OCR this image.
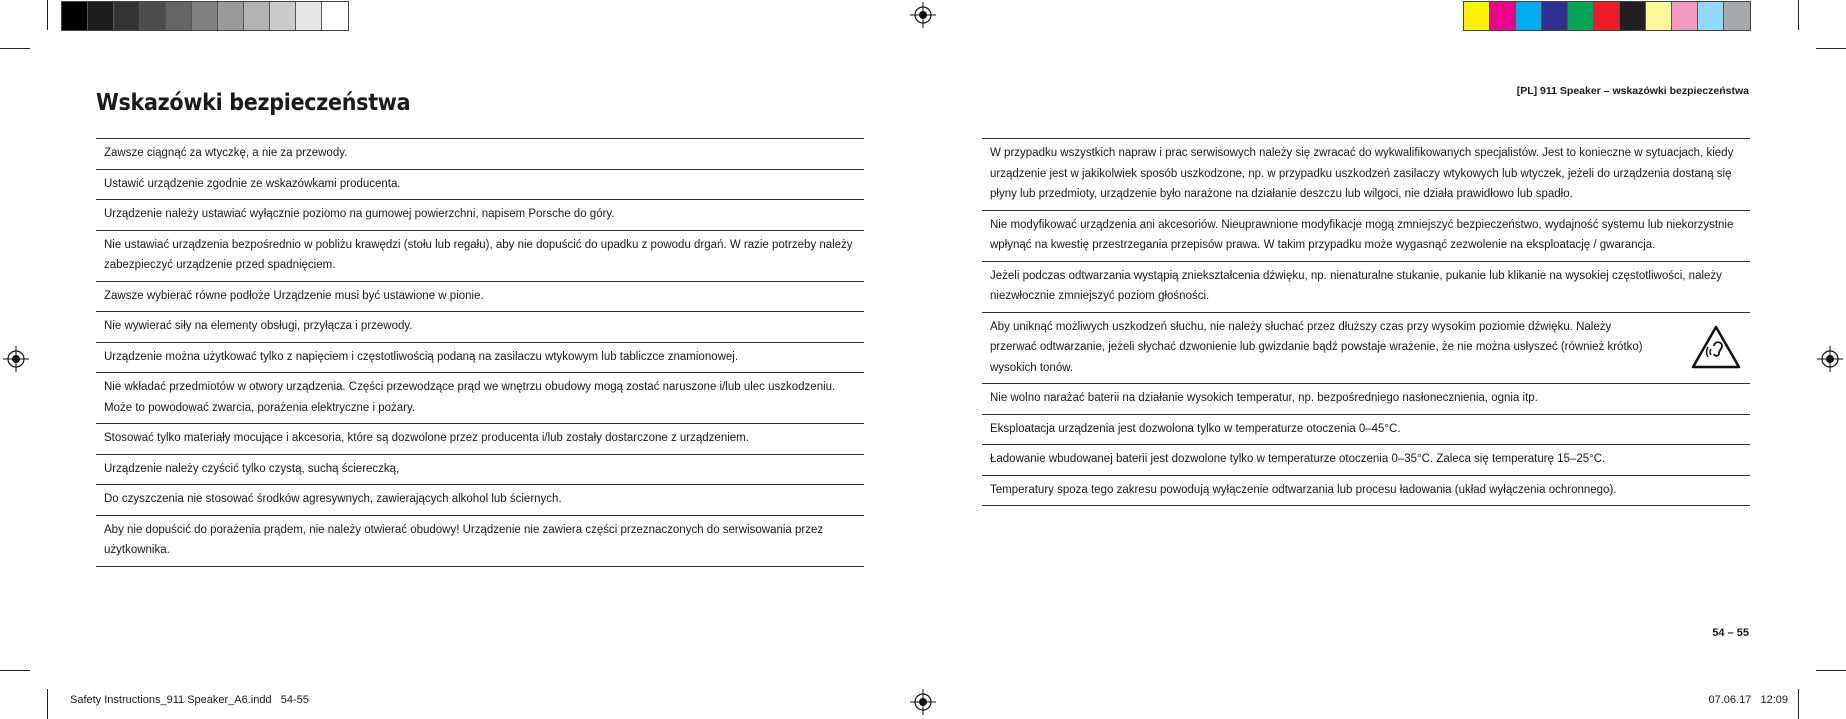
Wskazówki bezpieczeństwa	[PL] 911 Speaker – wskazówki bezpieczeństwa
Zawsze ciągnąć za wtyczkę, a nie za przewody.
Ustawić urządzenie zgodnie ze wskazówkami producenta.
Urządzenie należy ustawiać wyłącznie poziomo na gumowej powierzchni, napisem Porsche do góry.
Nie ustawiać urządzenia bezpośrednio w pobliżu krawędzi (stołu lub regału), aby nie dopuścić do upadku z powodu drgań. W razie potrzeby należy zabezpieczyć urządzenie przed spadnięciem.
Zawsze wybierać równe podłoże Urządzenie musi być ustawione w pionie.
Nie wywierać siły na elementy obsługi, przyłącza i przewody.
Urządzenie można użytkować tylko z napięciem i częstotliwością podaną na zasilaczu wtykowym lub tabliczce znamionowej.
Nie wkładać przedmiotów w otwory urządzenia. Części przewodzące prąd we wnętrzu obudowy mogą zostać naruszone i/lub ulec uszkodzeniu. Może to powodować zwarcia, porażenia elektryczne i pożary.
Stosować tylko materiały mocujące i akcesoria, które są dozwolone przez producenta i/lub zostały dostarczone z urządzeniem.
Urządzenie należy czyścić tylko czystą, suchą ściereczką,
Do czyszczenia nie stosować środków agresywnych, zawierających alkohol lub ściernych.
Aby nie dopuścić do porażenia prądem, nie należy otwierać obudowy! Urządzenie nie zawiera części przeznaczonych do serwisowania przez użytkownika.
W przypadku wszystkich napraw i prac serwisowych należy się zwracać do wykwalifikowanych specjalistów. Jest to konieczne w sytuacjach, kiedy urządzenie jest w jakikolwiek sposób uszkodzone, np. w przypadku uszkodzeń zasilaczy wtykowych lub wtyczek, jeżeli do urządzenia dostaną się płyny lub przedmioty, urządzenie było narażone na działanie deszczu lub wilgoci, nie działa prawidłowo lub spadło.
Nie modyfikować urządzenia ani akcesoriów. Nieuprawnione modyfikacje mogą zmniejszyć bezpieczeństwo, wydajność systemu lub niekorzystnie wpłynąć na kwestię przestrzegania przepisów prawa. W takim przypadku może wygasnąć zezwolenie na eksploatację / gwarancja.
Jeżeli podczas odtwarzania wystąpią zniekształcenia dźwięku, np. nienaturalne stukanie, pukanie lub klikanie na wysokiej częstotliwości, należy niezwłocznie zmniejszyć poziom głośności.
Aby uniknąć możliwych uszkodzeń słuchu, nie należy słuchać przez dłuższy czas przy wysokim poziomie dźwięku. Należy przerwać odtwarzanie, jeżeli słychać dzwonienie lub gwizdanie bądź powstaje wrażenie, że nie można usłyszeć (również krótko) wysokich tonów.
Nie wolno narażać baterii na działanie wysokich temperatur, np. bezpośredniego nasłonecznienia, ognia itp.
Eksploatacja urządzenia jest dozwolona tylko w temperaturze otoczenia 0–45°C.
Ładowanie wbudowanej baterii jest dozwolone tylko w temperaturze otoczenia 0–35°C. Zaleca się temperaturę 15–25°C.
Temperatury spoza tego zakresu powodują wyłączenie odtwarzania lub procesu ładowania (układ wyłączenia ochronnego).
54 – 55
Safety Instructions_911 Speaker_A6.indd   54-55	07.06.17   12:09
